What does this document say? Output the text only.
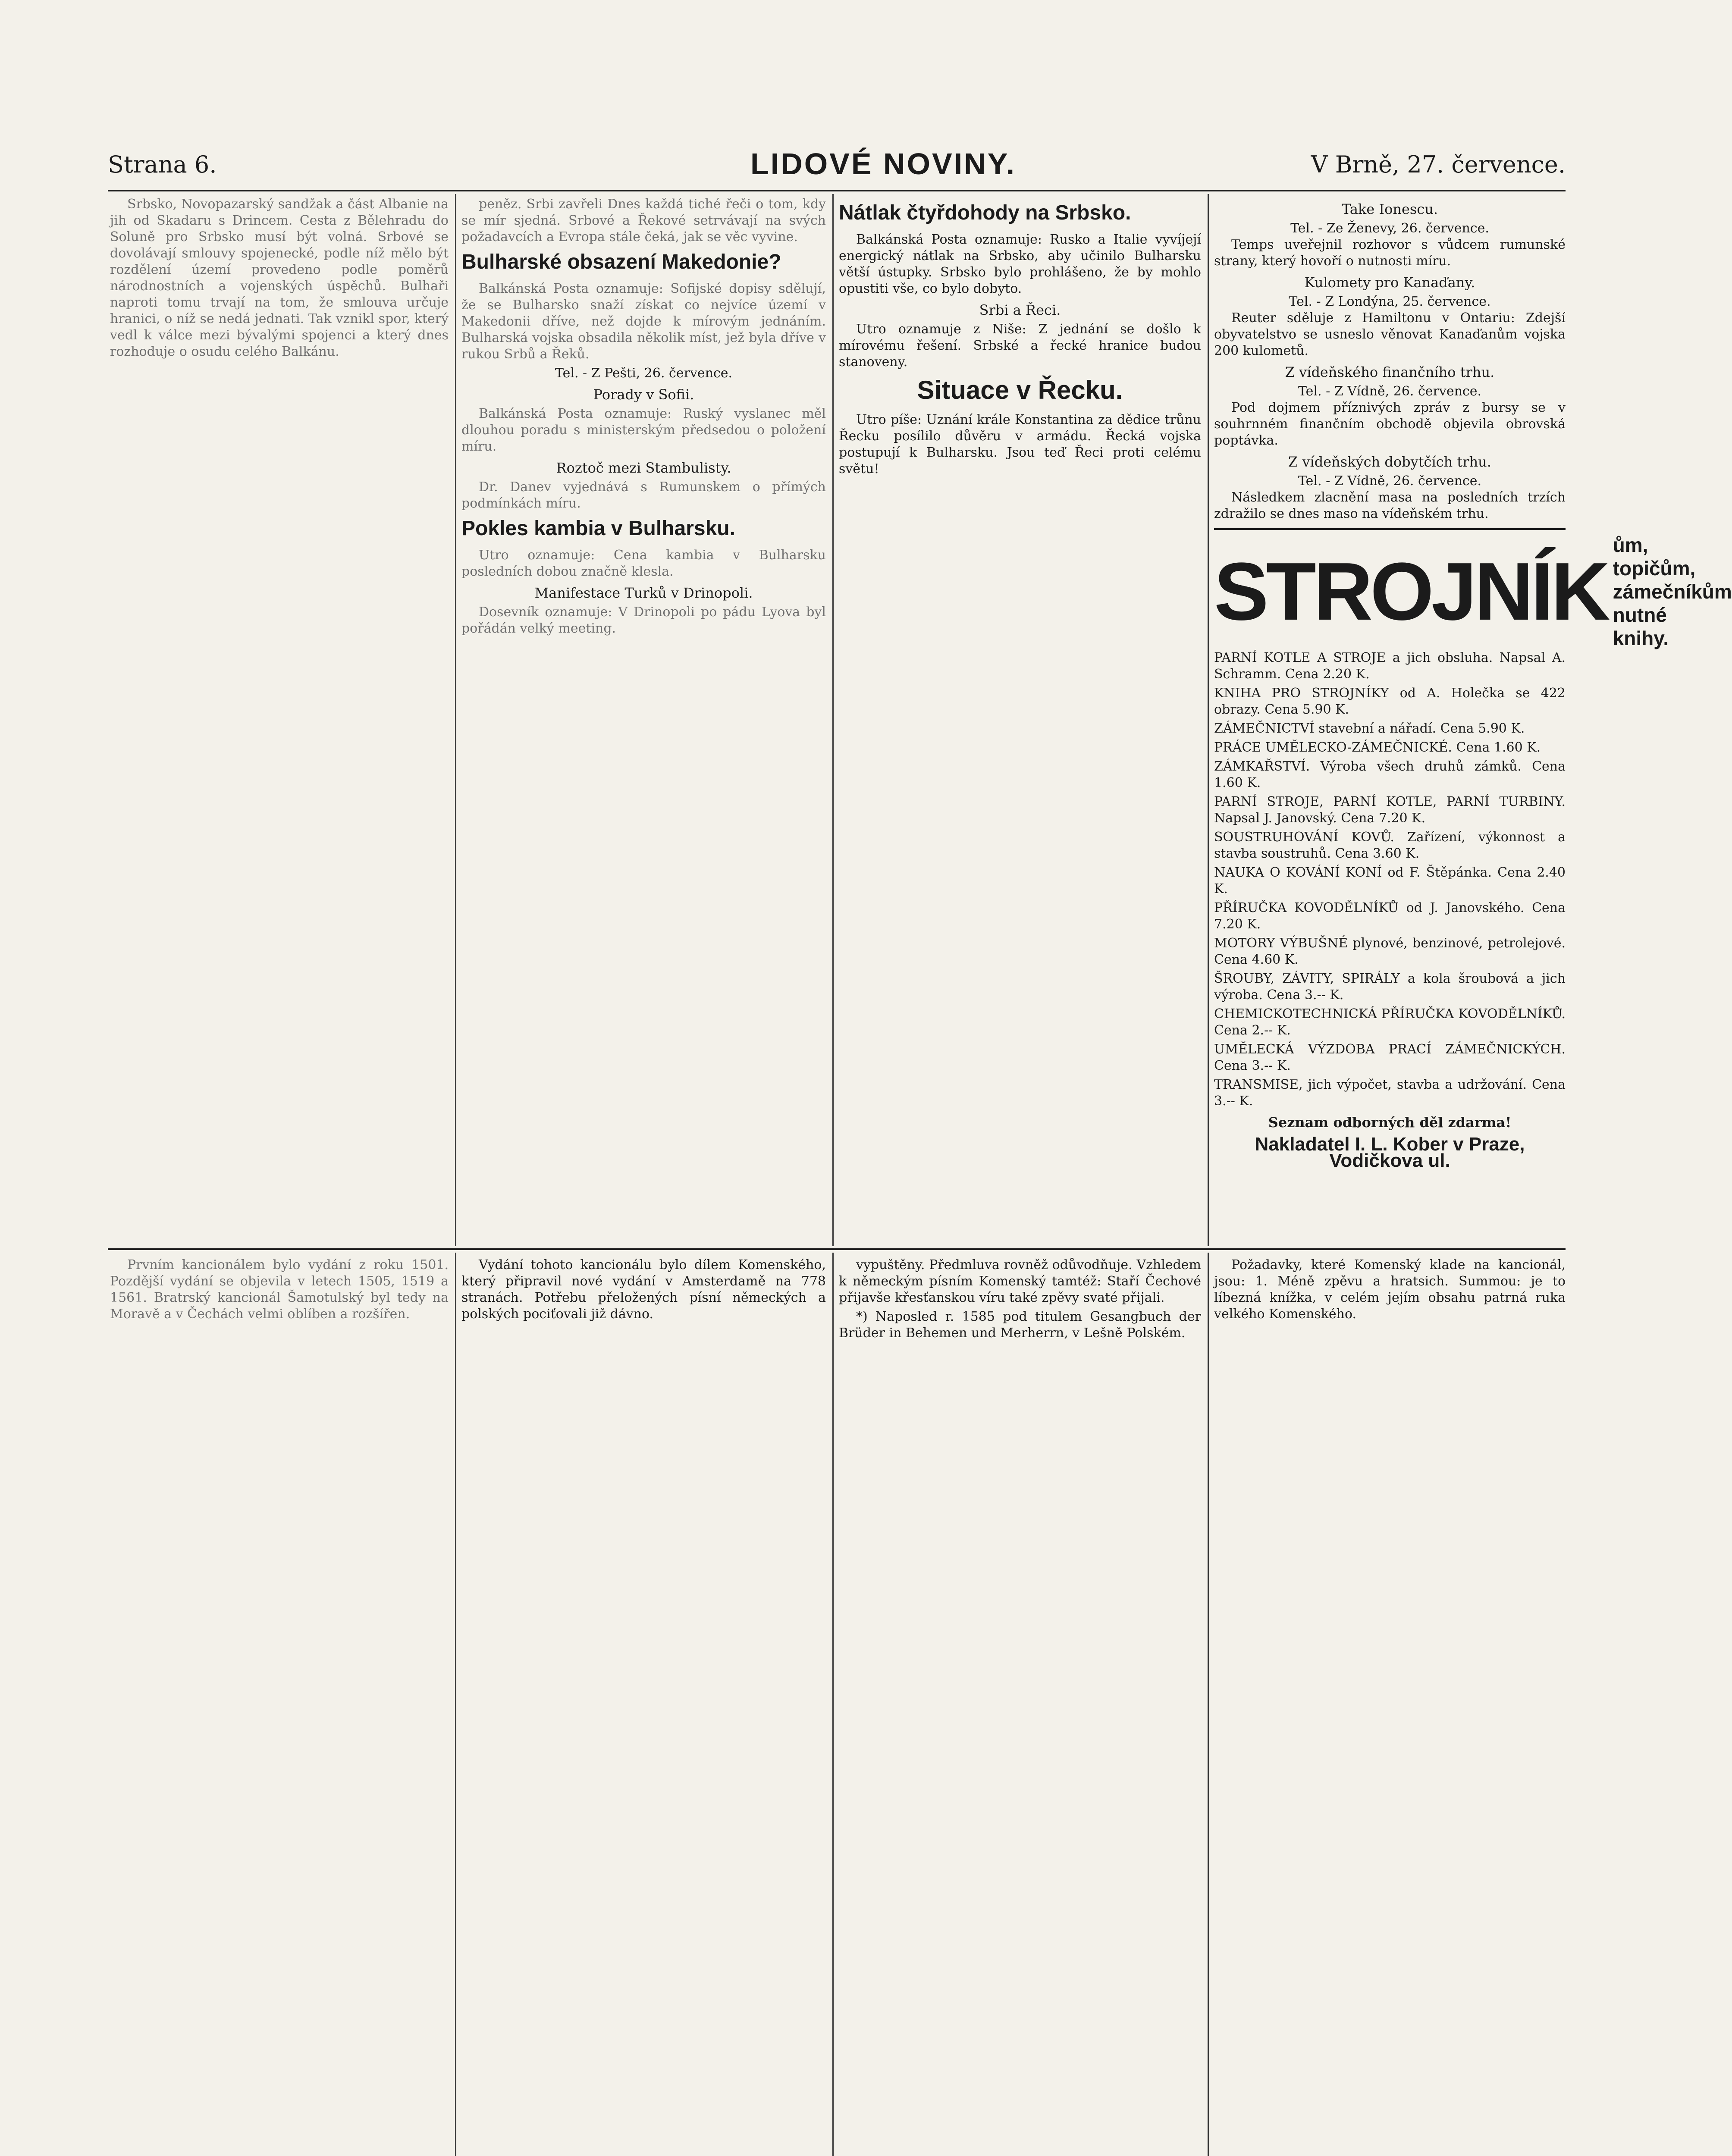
Strana 6.	LIDOVÉ NOVINY.	V Brně, 27. července.

Srbsko, Novopazarský sandžak a část Albanie na jih od Skadaru s Drincem. Cesta z Bělehradu do Soluně pro Srbsko musí být volná. Srbové se dovolávají smlouvy spojenecké, podle níž mělo být rozdělení území provedeno podle poměrů národnostních a vojenských úspěchů. Bulhaři naproti tomu trvají na tom, že smlouva určuje hranici, o níž se nedá jednati. Tak vznikl spor, který vedl k válce mezi bývalými spojenci a který dnes rozhoduje o osudu celého Balkánu.

peněz. Srbi zavřeli Dnes každá tiché řeči o tom, kdy se mír sjedná. Srbové a Řekové setrvávají na svých požadavcích a Evropa stále čeká, jak se věc vyvine.

Bulharské obsazení Makedonie?

Balkánská Posta oznamuje: Sofijské dopisy sdělují, že se Bulharsko snaží získat co nejvíce území v Makedonii dříve, než dojde k mírovým jednáním. Bulharská vojska obsadila několik míst, jež byla dříve v rukou Srbů a Řeků.

Tel. - Z Pešti, 26. července.
Porady v Sofii.

Balkánská Posta oznamuje: Ruský vyslanec měl dlouhou poradu s ministerským předsedou o položení míru.

Roztoč mezi Stambulisty.

Dr. Danev vyjednává s Rumunskem o přímých podmínkách míru.

Pokles kambia v Bulharsku.

Utro oznamuje: Cena kambia v Bulharsku posledních dobou značně klesla.

Manifestace Turků v Drinopoli.

Dosevník oznamuje: V Drinopoli po pádu Lyova byl pořádán velký meeting.

Nátlak čtyřdohody na Srbsko.

Balkánská Posta oznamuje: Rusko a Italie vyvíjejí energický nátlak na Srbsko, aby učinilo Bulharsku větší ústupky. Srbsko bylo prohlášeno, že by mohlo opustiti vše, co bylo dobyto.

Srbi a Řeci.

Utro oznamuje z Niše: Z jednání se došlo k mírovému řešení. Srbské a řecké hranice budou stanoveny.

Situace v Řecku.

Utro píše: Uznání krále Konstantina za dědice trůnu Řecku posílilo důvěru v armádu. Řecká vojska postupují k Bulharsku. Jsou teď Řeci proti celému světu!

Take Ionescu.
Tel. - Ze Ženevy, 26. července.

Temps uveřejnil rozhovor s vůdcem rumunské strany, který hovoří o nutnosti míru.

Kulomety pro Kanaďany.
Tel. - Z Londýna, 25. července.

Reuter sděluje z Hamiltonu v Ontariu: Zdejší obyvatelstvo se usneslo věnovat Kanaďanům vojska 200 kulometů.

Z vídeňského finančního trhu.
Tel. - Z Vídně, 26. července.

Pod dojmem příznivých zpráv z bursy se v souhrnném finančním obchodě objevila obrovská poptávka.

Z vídeňských dobytčích trhu.
Tel. - Z Vídně, 26. července.

Následkem zlacnění masa na posledních trzích zdražilo se dnes maso na vídeňském trhu.

STROJNÍK
ům, topičům, zámečníkům nutné knihy.
PARNÍ KOTLE A STROJE a jich obsluha. Napsal A. Schramm. Cena 2.20 K.
KNIHA PRO STROJNÍKY od A. Holečka se 422 obrazy. Cena 5.90 K.
ZÁMEČNICTVÍ stavební a nářadí. Cena 5.90 K.
PRÁCE UMĚLECKO-ZÁMEČNICKÉ. Cena 1.60 K.
ZÁMKAŘSTVÍ. Výroba všech druhů zámků. Cena 1.60 K.
PARNÍ STROJE, PARNÍ KOTLE, PARNÍ TURBINY. Napsal J. Janovský. Cena 7.20 K.
SOUSTRUHOVÁNÍ KOVŮ. Zařízení, výkonnost a stavba soustruhů. Cena 3.60 K.
NAUKA O KOVÁNÍ KONÍ od F. Štěpánka. Cena 2.40 K.
PŘÍRUČKA KOVODĚLNÍKŮ od J. Janovského. Cena 7.20 K.
MOTORY VÝBUŠNÉ plynové, benzinové, petrolejové. Cena 4.60 K.
ŠROUBY, ZÁVITY, SPIRÁLY a kola šroubová a jich výroba. Cena 3.-- K.
CHEMICKOTECHNICKÁ PŘÍRUČKA KOVODĚLNÍKŮ. Cena 2.-- K.
UMĚLECKÁ VÝZDOBA PRACÍ ZÁMEČNICKÝCH. Cena 3.-- K.
TRANSMISE, jich výpočet, stavba a udržování. Cena 3.-- K.
Seznam odborných děl zdarma!
Nakladatel I. L. Kober v Praze, Vodičkova ul.

Prvním kancionálem bylo vydání z roku 1501. Pozdější vydání se objevila v letech 1505, 1519 a 1561. Bratrský kancionál Šamotulský byl tedy na Moravě a v Čechách velmi oblíben a rozšířen.

Vydání tohoto kancionálu bylo dílem Komenského, který připravil nové vydání v Amsterdamě na 778 stranách. Potřebu přeložených písní německých a polských pociťovali již dávno.

vypuštěny. Předmluva rovněž odůvodňuje. Vzhledem k německým písním Komenský tamtéž: Staří Čechové přijavše křesťanskou víru také zpěvy svaté přijali.

*) Naposled r. 1585 pod titulem Gesangbuch der Brüder in Behemen und Merherrn, v Lešně Polském.

Požadavky, které Komenský klade na kancionál, jsou: 1. Méně zpěvu a hratsich. Summou: je to líbezná knížka, v celém jejím obsahu patrná ruka velkého Komenského.
